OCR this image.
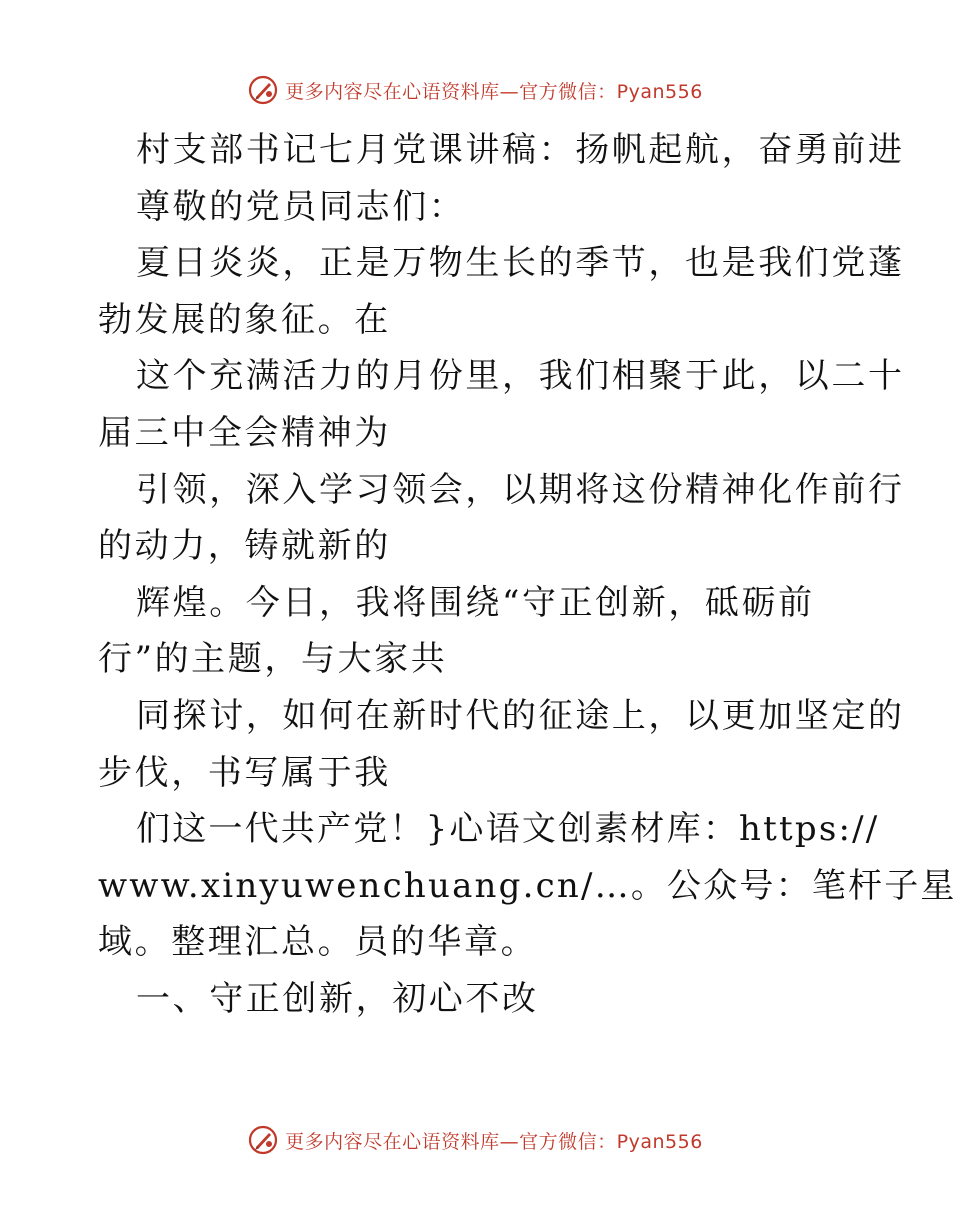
更多内容尽在心语资料库—官方微信：Pyan556
村支部书记七月党课讲稿：扬帆起航，奋勇前进
尊敬的党员同志们：
夏日炎炎，正是万物生长的季节，也是我们党蓬
勃发展的象征。在
这个充满活力的月份里，我们相聚于此，以二十
届三中全会精神为
引领，深入学习领会，以期将这份精神化作前行
的动力，铸就新的
辉煌。今日，我将围绕“守正创新，砥砺前
行”的主题，与大家共
同探讨，如何在新时代的征途上，以更加坚定的
步伐，书写属于我
们这一代共产党！}心语文创素材库：https://
www.xinyuwenchuang.cn/…。公众号：笔杆子星
域。整理汇总。员的华章。
一、守正创新，初心不改
更多内容尽在心语资料库—官方微信：Pyan556
